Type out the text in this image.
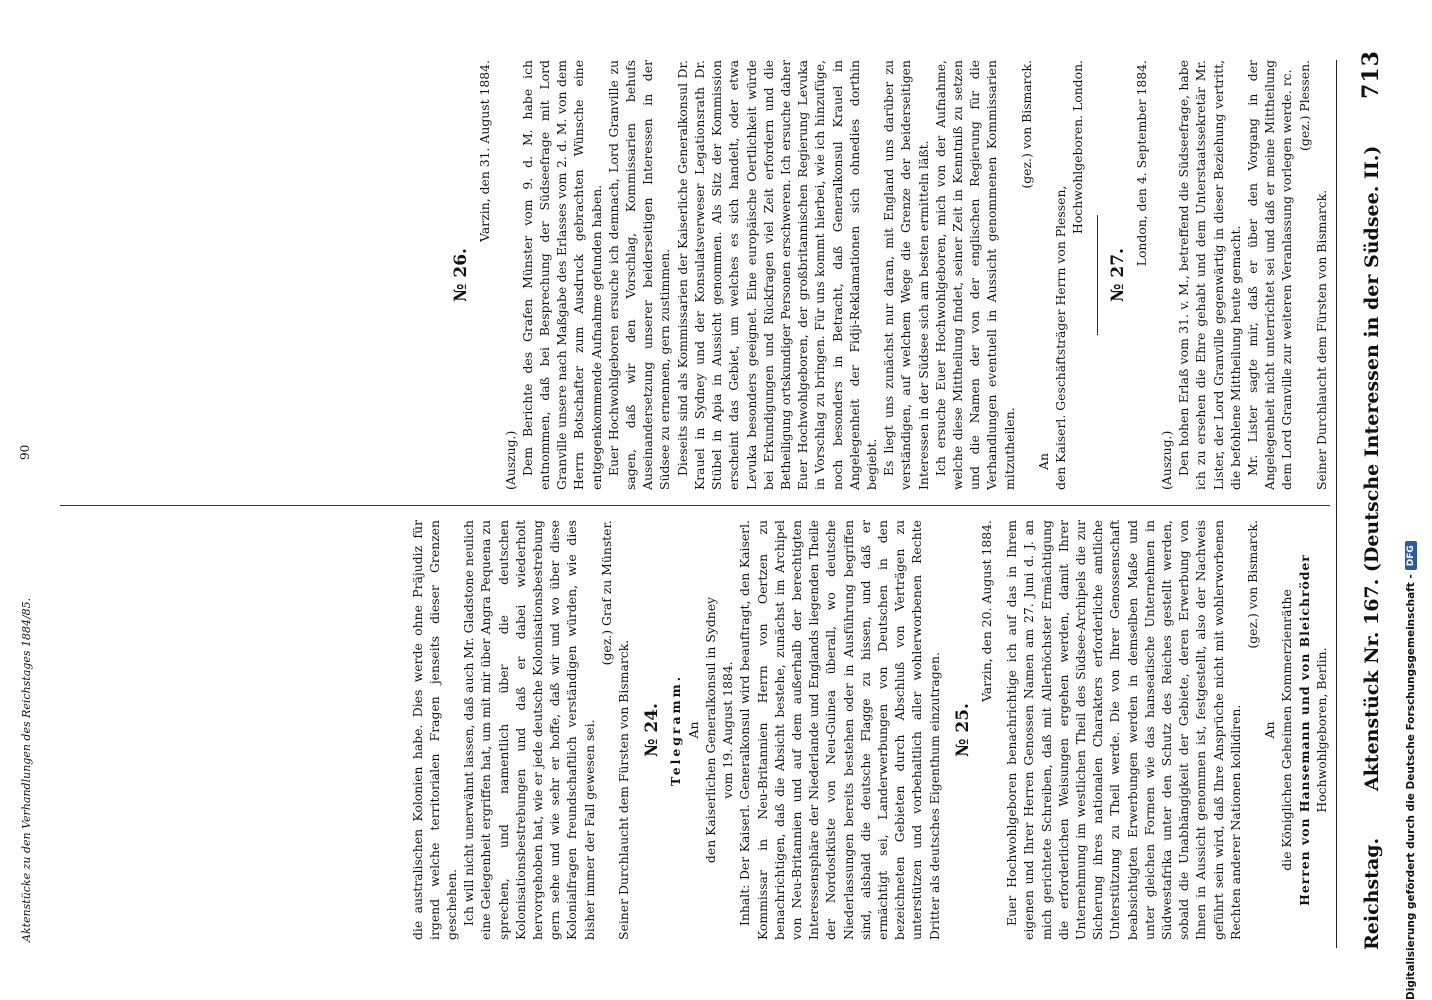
Reichstag.
Aktenstück Nr. 167. (Deutsche Interessen in der Südsee. II.)
713

die australischen Kolonien habe. Dies werde ohne Präjudiz für irgend welche territorialen Fragen jenseits dieser Grenzen geschehen. Ich will nicht unerwähnt lassen, daß auch Mr. Gladstone neulich eine Gelegenheit ergriffen hat, um mit mir über Angra Pequena zu sprechen, und namentlich über die deutschen Kolonisationsbestrebungen und daß er dabei wiederholt hervorgehoben hat, wie er jede deutsche Kolonisationsbestrebung gern sehe und wie sehr er hoffe, daß wir und wo über diese Kolonialfragen freundschaftlich verständigen würden, wie dies bisher immer der Fall gewesen sei.

(gez.) Graf zu Münster.

Seiner Durchlaucht dem Fürsten von Bismarck. № 24. Telegramm. An den Kaiserlichen Generalkonsul in Sydney vom 19. August 1884. Inhalt: Der Kaiserl. Generalkonsul wird beauftragt, den Kaiserl. Kommissar in Neu-Britannien Herrn von Oertzen zu benachrichtigen, daß die Absicht bestehe, zunächst im Archipel von Neu-Britannien und auf dem außerhalb der berechtigten Interessensphäre der Niederlande und Englands liegenden Theile der Nordostküste von Neu-Guinea überall, wo deutsche Niederlassungen bereits bestehen oder in Ausführung begriffen sind, alsbald die deutsche Flagge zu hissen, und daß er ermächtigt sei, Landerwerbungen von Deutschen in den bezeichneten Gebieten durch Abschluß von Verträgen zu unterstützen und vorbehaltlich aller wohlerworbenen Rechte Dritter als deutsches Eigenthum einzutragen. № 25.
Varzin, den 20. August 1884. Euer Hochwohlgeboren benachrichtige ich auf das in Ihrem eigenen und Ihrer Herren Genossen Namen am 27. Juni d. J. an mich gerichtete Schreiben, daß mit Allerhöchster Ermächtigung die erforderlichen Weisungen ergehen werden, damit Ihrer Unternehmung im westlichen Theil des Südsee-Archipels die zur Sicherung ihres nationalen Charakters erforderliche amtliche Unterstützung zu Theil werde. Die von Ihrer Genossenschaft beabsichtigten Erwerbungen werden in demselben Maße und unter gleichen Formen wie das hanseatische Unternehmen in Südwestafrika unter den Schutz des Reiches gestellt werden, sobald die Unabhängigkeit der Gebiete, deren Erwerbung von Ihnen in Aussicht genommen ist, festgestellt, also der Nachweis geführt sein wird, daß Ihre Ansprüche nicht mit wohlerworbenen Rechten anderer Nationen kollidiren.

(gez.) von Bismarck.

An die Königlichen Geheimen Kommerzienräthe Herren von Hansemann und von Bleichröder Hochwohlgeboren, Berlin.
№ 26.
Varzin, den 31. August 1884.

(Auszug.) Dem Berichte des Grafen Münster vom 9. d. M. habe ich entnommen, daß bei Besprechung der Südseefrage mit Lord Granville unsere nach Maßgabe des Erlasses vom 2. d. M. von dem Herrn Botschafter zum Ausdruck gebrachten Wünsche eine entgegenkommende Aufnahme gefunden haben. Euer Hochwohlgeboren ersuche ich demnach, Lord Granville zu sagen, daß wir den Vorschlag, Kommissarien behufs Auseinandersetzung unserer beiderseitigen Interessen in der Südsee zu ernennen, gern zustimmen. Dieseits sind als Kommissarien der Kaiserliche Generalkonsul Dr. Krauel in Sydney und der Konsulatsverweser Legationsrath Dr. Stübel in Apia in Aussicht genommen. Als Sitz der Kommission erscheint das Gebiet, um welches es sich handelt, oder etwa Levuka besonders geeignet. Eine europäische Oertlichkeit würde bei Erkundigungen und Rückfragen viel Zeit erfordern und die Betheiligung ortskundiger Personen erschweren. Ich ersuche daher Euer Hochwohlgeboren, der großbritannischen Regierung Levuka in Vorschlag zu bringen. Für uns kommt hierbei, wie ich hinzufüge, noch besonders in Betracht, daß Generalkonsul Krauel in Angelegenheit der Fidji-Reklamationen sich ohnedies dorthin begiebt. Es liegt uns zunächst nur daran, mit England uns darüber zu verständigen, auf welchem Wege die Grenze der beiderseitigen Interessen in der Südsee sich am besten ermitteln läßt. Ich ersuche Euer Hochwohlgeboren, mich von der Aufnahme, welche diese Mittheilung findet, seiner Zeit in Kenntniß zu setzen und die Namen der von der englischen Regierung für die Verhandlungen eventuell in Aussicht genommenen Kommissarien mitzutheilen.

(gez.) von Bismarck.

An den Kaiserl. Geschäftsträger Herrn von Plessen,
Hochwohlgeboren. London.
№ 27.
London, den 4. September 1884.

(Auszug.) Den hohen Erlaß vom 31. v. M., betreffend die Südseefrage, habe ich zu ersehen die Ehre gehabt und dem Unterstaatssekretär Mr. Lister, der Lord Granville gegenwärtig in dieser Beziehung vertritt, die befohlene Mittheilung heute gemacht. Mr. Lister sagte mir, daß er über den Vorgang in der Angelegenheit nicht unterrichtet sei und daß er meine Mittheilung dem Lord Granville zur weiteren Veranlassung vorlegen werde. rc. (gez.) Plessen.

Seiner Durchlaucht dem Fürsten von Bismarck.

Aktenstücke zu den Verhandlungen des Reichstages 1884/85.
90
Digitalisierung gefördert durch die Deutsche Forschungsgemeinschaft -
DFG
